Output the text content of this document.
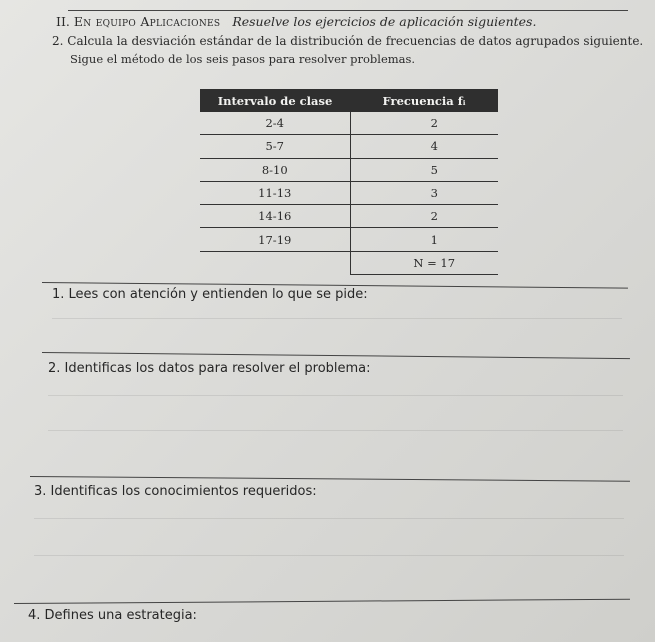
II. En equipo Aplicaciones Resuelve los ejercicios de aplicación siguientes.
2. Calcula la desviación estándar de la distribución de frecuencias de datos agrupados siguiente.
Sigue el método de los seis pasos para resolver problemas.
Intervalo de clase	Frecuencia fᵢ
2-4	2
5-7	4
8-10	5
11-13	3
14-16	2
17-19	1
	N = 17
1. Lees con atención y entienden lo que se pide:
2. Identificas los datos para resolver el problema:
3. Identificas los conocimientos requeridos:
4. Defines una estrategia:
